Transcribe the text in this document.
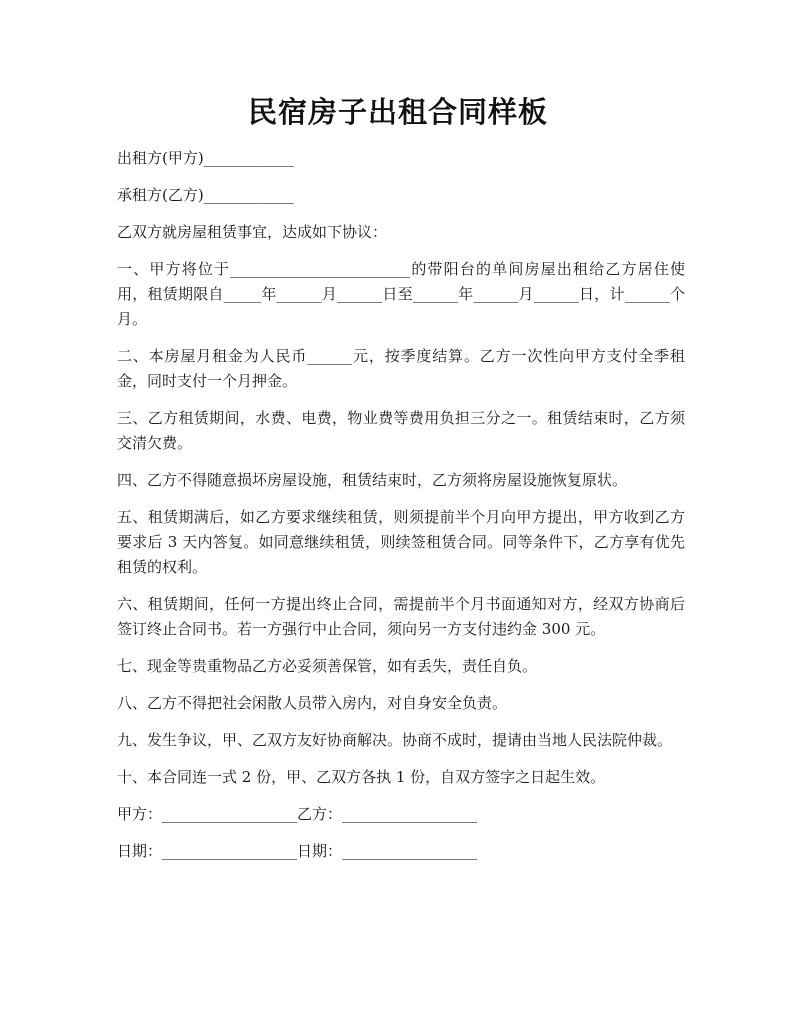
民宿房子出租合同样板

出租方(甲方)____________

承租方(乙方)____________

乙双方就房屋租赁事宜，达成如下协议：

一、甲方将位于________________________的带阳台的单间房屋出租给乙方居住使用，租赁期限自_____年______月______日至______年______月______日，计______个月。

二、本房屋月租金为人民币______元，按季度结算。乙方一次性向甲方支付全季租金，同时支付一个月押金。

三、乙方租赁期间，水费、电费，物业费等费用负担三分之一。租赁结束时，乙方须交清欠费。

四、乙方不得随意损坏房屋设施，租赁结束时，乙方须将房屋设施恢复原状。

五、租赁期满后，如乙方要求继续租赁，则须提前半个月向甲方提出，甲方收到乙方要求后 3 天内答复。如同意继续租赁，则续签租赁合同。同等条件下，乙方享有优先租赁的权利。

六、租赁期间，任何一方提出终止合同，需提前半个月书面通知对方，经双方协商后签订终止合同书。若一方强行中止合同，须向另一方支付违约金 300 元。

七、现金等贵重物品乙方必妥须善保管，如有丢失，责任自负。

八、乙方不得把社会闲散人员带入房内，对自身安全负责。

九、发生争议，甲、乙双方友好协商解决。协商不成时，提请由当地人民法院仲裁。

十、本合同连一式 2 份，甲、乙双方各执 1 份，自双方签字之日起生效。

甲方：__________________乙方：__________________

日期：__________________日期：__________________
